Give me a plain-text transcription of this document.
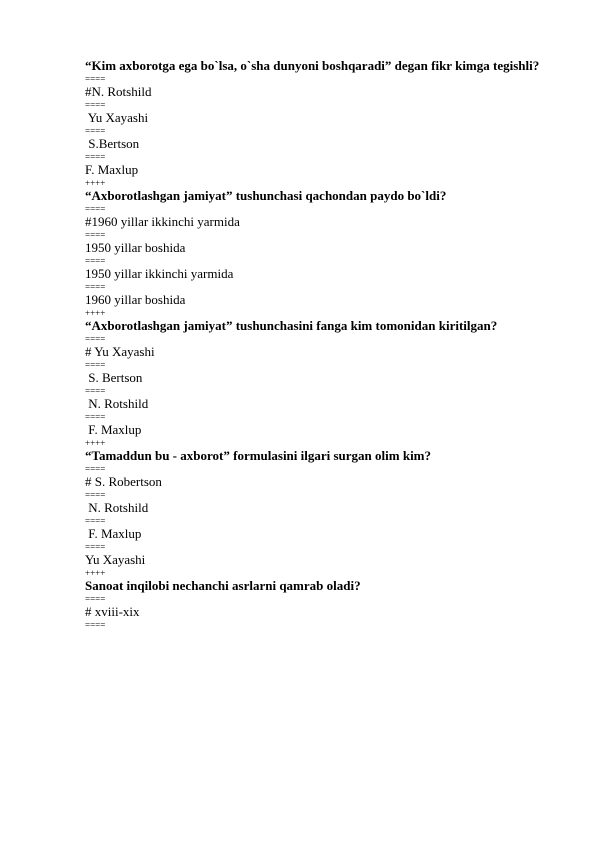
“Kim axborotga ega bo`lsa, o`sha dunyoni boshqaradi” degan fikr kimga tegishli?
====
#N. Rotshild
====
Yu Xayashi
====
S.Bertson
====
F. Maxlup
++++
“Axborotlashgan jamiyat” tushunchasi qachondan paydo bo`ldi?
====
#1960 yillar ikkinchi yarmida
====
1950 yillar boshida
====
1950 yillar ikkinchi yarmida
====
1960 yillar boshida
++++
“Axborotlashgan jamiyat” tushunchasini fanga kim tomonidan kiritilgan?
====
# Yu Xayashi
====
S. Bertson
====
N. Rotshild
====
F. Maxlup
++++
“Tamaddun bu - axborot” formulasini ilgari surgan olim kim?
====
# S. Robertson
====
N. Rotshild
====
F. Maxlup
====
Yu Xayashi
++++
Sanoat inqilobi nechanchi asrlarni qamrab oladi?
====
# xviii-xix
====
